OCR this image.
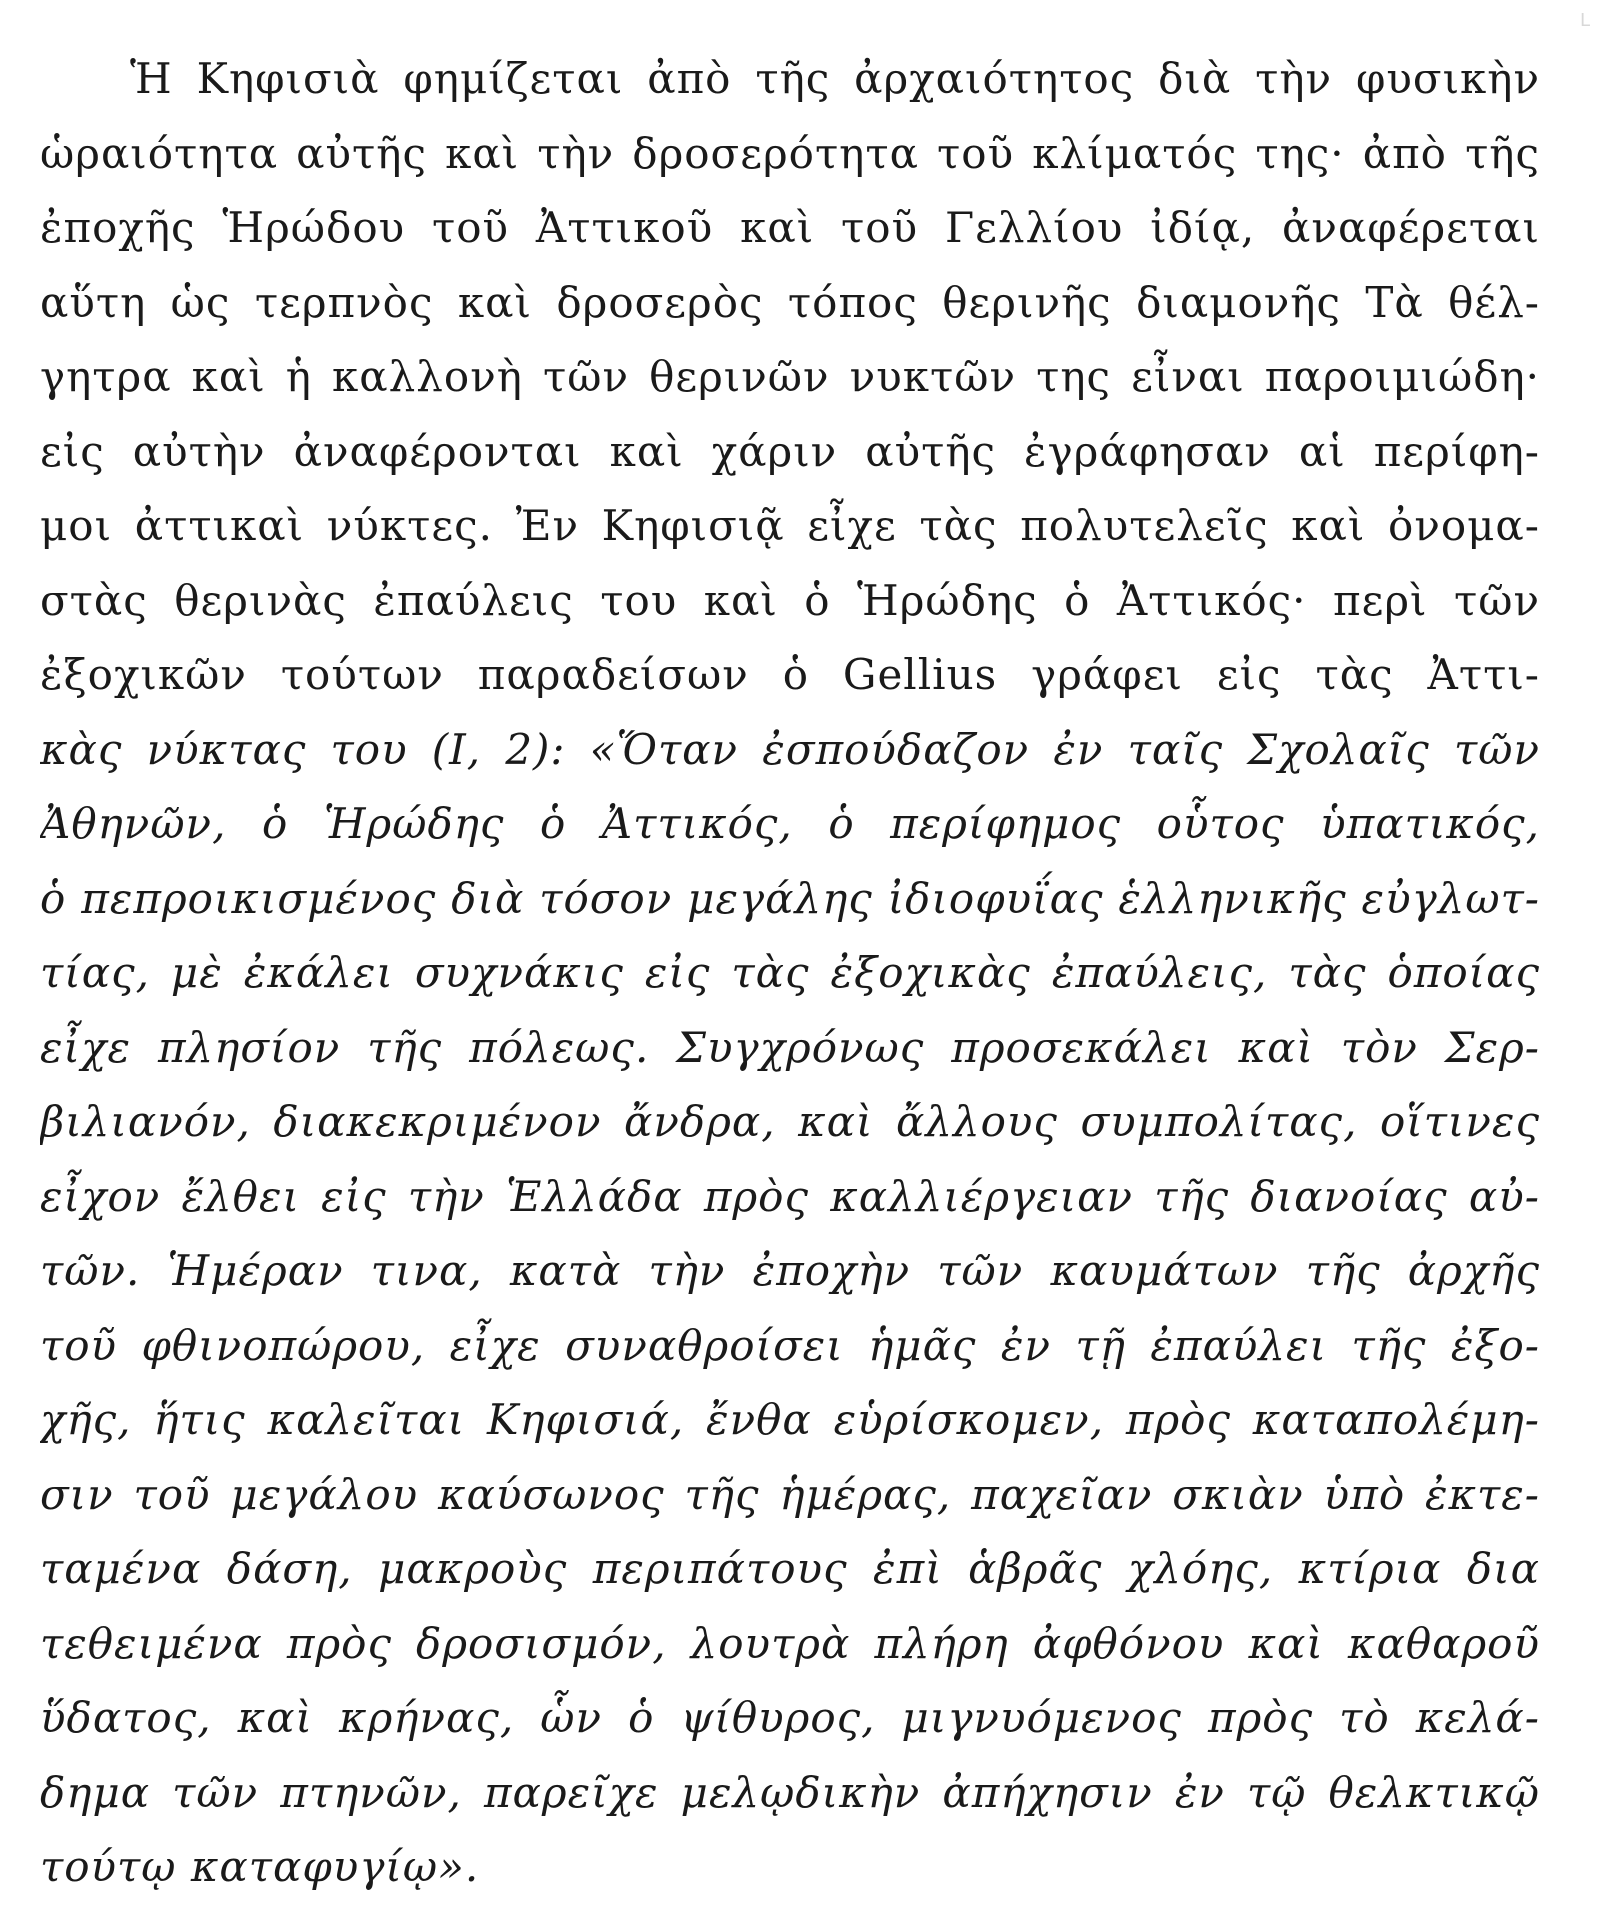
L
Ἡ Κηφισιὰ φημίζεται ἀπὸ τῆς ἀρχαιότητος διὰ τὴν φυσικὴν
ὡραιότητα αὐτῆς καὶ τὴν δροσερότητα τοῦ κλίματός της· ἀπὸ τῆς
ἐποχῆς Ἡρώδου τοῦ Ἀττικοῦ καὶ τοῦ Γελλίου ἰδίᾳ, ἀναφέρεται
αὕτη ὡς τερπνὸς καὶ δροσερὸς τόπος θερινῆς διαμονῆς Τὰ θέλ-
γητρα καὶ ἡ καλλονὴ τῶν θερινῶν νυκτῶν της εἶναι παροιμιώδη·
εἰς αὐτὴν ἀναφέρονται καὶ χάριν αὐτῆς ἐγράφησαν αἱ περίφη-
μοι ἀττικαὶ νύκτες. Ἐν Κηφισιᾷ εἶχε τὰς πολυτελεῖς καὶ ὀνομα-
στὰς θερινὰς ἐπαύλεις του καὶ ὁ Ἡρώδης ὁ Ἀττικός· περὶ τῶν
ἐξοχικῶν τούτων παραδείσων ὁ Gellius γράφει εἰς τὰς Ἀττι-
κὰς νύκτας του (Ι, 2): «Ὅταν ἐσπούδαζον ἐν ταῖς Σχολαῖς τῶν
Ἀθηνῶν, ὁ Ἡρώδης ὁ Ἀττικός, ὁ περίφημος οὗτος ὑπατικός,
ὁ πεπροικισμένος διὰ τόσον μεγάλης ἰδιοφυΐας ἑλληνικῆς εὐγλωτ-
τίας, μὲ ἐκάλει συχνάκις εἰς τὰς ἐξοχικὰς ἐπαύλεις, τὰς ὁποίας
εἶχε πλησίον τῆς πόλεως. Συγχρόνως προσεκάλει καὶ τὸν Σερ-
βιλιανόν, διακεκριμένον ἄνδρα, καὶ ἄλλους συμπολίτας, οἵτινες
εἶχον ἔλθει εἰς τὴν Ἑλλάδα πρὸς καλλιέργειαν τῆς διανοίας αὐ-
τῶν. Ἡμέραν τινα, κατὰ τὴν ἐποχὴν τῶν καυμάτων τῆς ἀρχῆς
τοῦ φθινοπώρου, εἶχε συναθροίσει ἡμᾶς ἐν τῇ ἐπαύλει τῆς ἐξο-
χῆς, ἥτις καλεῖται Κηφισιά, ἔνθα εὑρίσκομεν, πρὸς καταπολέμη-
σιν τοῦ μεγάλου καύσωνος τῆς ἡμέρας, παχεῖαν σκιὰν ὑπὸ ἐκτε-
ταμένα δάση, μακροὺς περιπάτους ἐπὶ ἁβρᾶς χλόης, κτίρια δια
τεθειμένα πρὸς δροσισμόν, λουτρὰ πλήρη ἀφθόνου καὶ καθαροῦ
ὕδατος, καὶ κρήνας, ὧν ὁ ψίθυρος, μιγνυόμενος πρὸς τὸ κελά-
δημα τῶν πτηνῶν, παρεῖχε μελῳδικὴν ἀπήχησιν ἐν τῷ θελκτικῷ
τούτῳ καταφυγίῳ».
